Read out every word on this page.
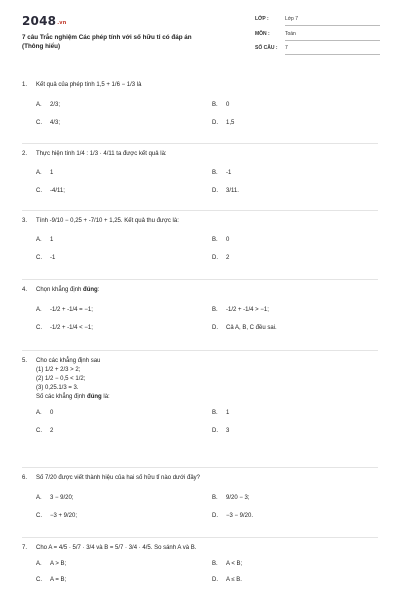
2048.vn
7 câu Trắc nghiệm Các phép tính với số hữu tỉ có đáp án
(Thông hiểu)
LỚP :	Lớp 7
MÔN :	Toán
SỐ CÂU : 7
1. Kết quả của phép tính 1,5 + 1/6 − 1/3 là
A. 2/3;	B. 0
C. 4/3;	D. 1,5
2. Thực hiện tính 1/4 : 1/3 · 4/11 ta được kết quả là:
A. 1	B. -1
C. -4/11;	D. 3/11.
3. Tính -9/10 − 0,25 + -7/10 + 1,25. Kết quả thu được là:
A. 1	B. 0
C. -1	D. 2
4. Chọn khẳng định đúng:
A. -1/2 + -1/4 = −1;	B. -1/2 + -1/4 > −1;
C. -1/2 + -1/4 < −1;	D. Cả A, B, C đều sai.
5. Cho các khẳng định sau
(1) 1/2 + 2/3 > 2;
(2) 1/2 − 0,5 < 1/2;
(3) 0,25.1/3 = 3.
Số các khẳng định đúng là:
A. 0	B. 1
C. 2	D. 3
6. Số 7/20 được viết thành hiệu của hai số hữu tỉ nào dưới đây?
A. 3 − 9/20;	B. 9/20 − 3;
C. −3 + 9/20;	D. −3 − 9/20.
7. Cho A = 4/5 · 5/7 · 3/4 và B = 5/7 · 3/4 · 4/5. So sánh A và B.
A. A > B;	B. A < B;
C. A = B;	D. A ≤ B.
